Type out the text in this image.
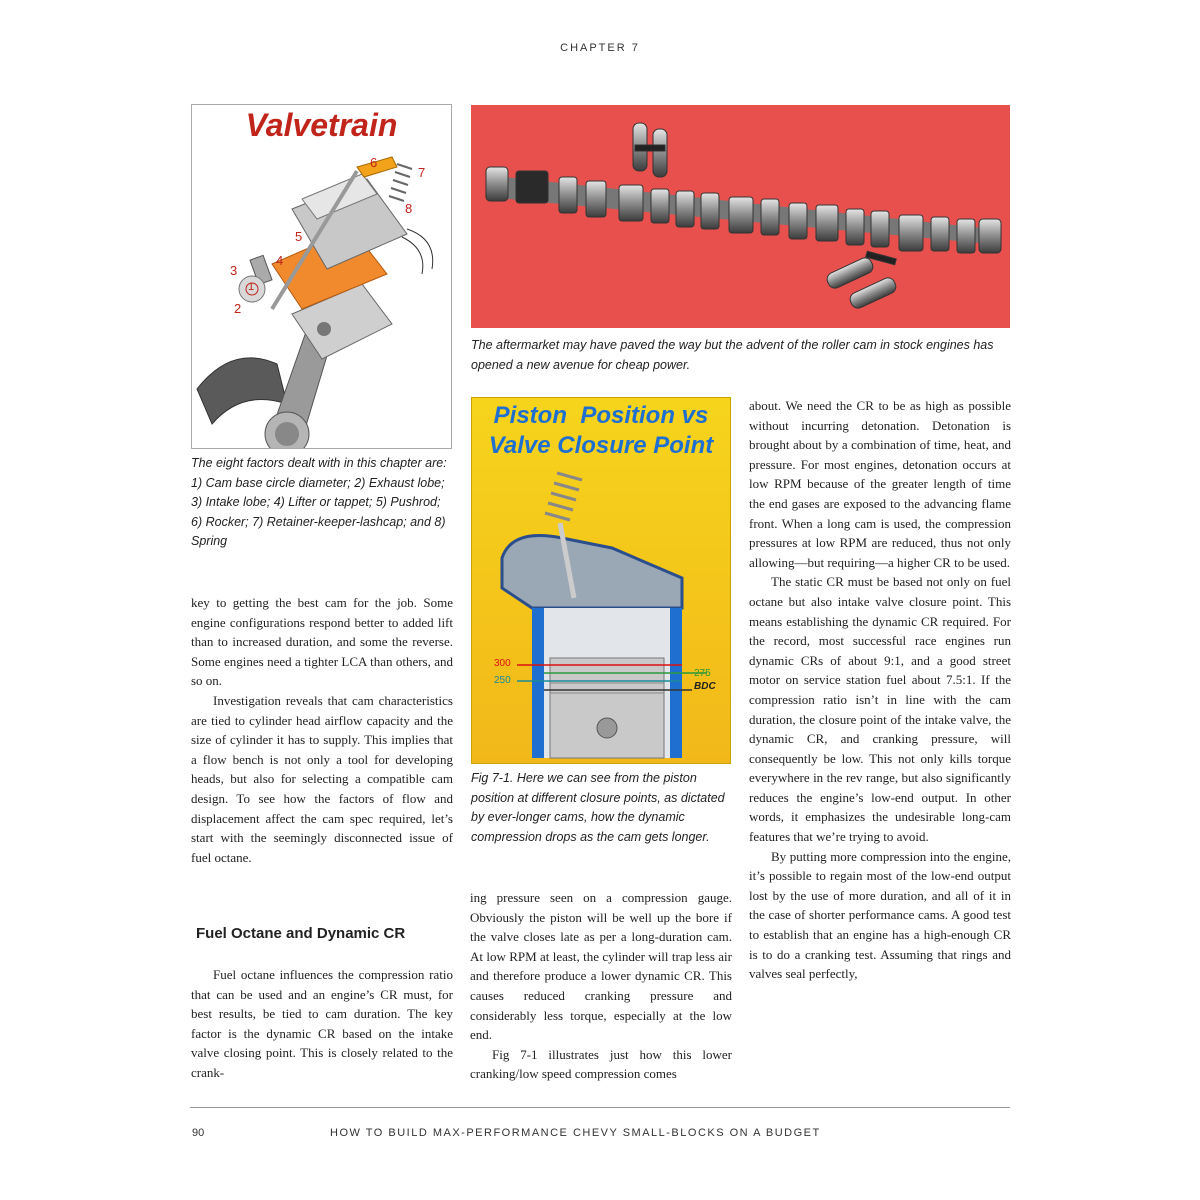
CHAPTER 7
Valvetrain
1
2
3
4
5
6
7
8
The eight factors dealt with in this chapter are: 1) Cam base circle diameter; 2) Exhaust lobe; 3) Intake lobe; 4) Lifter or tappet; 5) Pushrod; 6) Rocker; 7) Retainer-keeper-lashcap; and 8) Spring
The aftermarket may have paved the way but the advent of the roller cam in stock engines has opened a new avenue for cheap power.
Piston  Position vs
Valve Closure Point
300
250
275
BDC
Fig 7-1. Here we can see from the piston position at different closure points, as dictated by ever-longer cams, how the dynamic compression drops as the cam gets longer.

key to getting the best cam for the job. Some engine configurations respond better to added lift than to increased duration, and some the reverse. Some engines need a tighter LCA than others, and so on.

Investigation reveals that cam characteristics are tied to cylinder head airflow capacity and the size of cylinder it has to supply. This implies that a flow bench is not only a tool for developing heads, but also for selecting a compatible cam design. To see how the factors of flow and displacement affect the cam spec required, let’s start with the seemingly disconnected issue of fuel octane.

Fuel Octane and Dynamic CR

Fuel octane influences the compression ratio that can be used and an engine’s CR must, for best results, be tied to cam duration. The key factor is the dynamic CR based on the intake valve closing point. This is closely related to the crank-

ing pressure seen on a compression gauge. Obviously the piston will be well up the bore if the valve closes late as per a long-duration cam. At low RPM at least, the cylinder will trap less air and therefore produce a lower dynamic CR. This causes reduced cranking pressure and considerably less torque, especially at the low end.

Fig 7-1 illustrates just how this lower cranking/low speed compression comes

about. We need the CR to be as high as possible without incurring detonation. Detonation is brought about by a combination of time, heat, and pressure. For most engines, detonation occurs at low RPM because of the greater length of time the end gases are exposed to the advancing flame front. When a long cam is used, the compression pressures at low RPM are reduced, thus not only allowing—but requiring—a higher CR to be used.

The static CR must be based not only on fuel octane but also intake valve closure point. This means establishing the dynamic CR required. For the record, most successful race engines run dynamic CRs of about 9:1, and a good street motor on service station fuel about 7.5:1. If the compression ratio isn’t in line with the cam duration, the closure point of the intake valve, the dynamic CR, and cranking pressure, will consequently be low. This not only kills torque everywhere in the rev range, but also significantly reduces the engine’s low-end output. In other words, it emphasizes the undesirable long-cam features that we’re trying to avoid.

By putting more compression into the engine, it’s possible to regain most of the low-end output lost by the use of more duration, and all of it in the case of shorter performance cams. A good test to establish that an engine has a high-enough CR is to do a cranking test. Assuming that rings and valves seal perfectly,

90	HOW TO BUILD MAX-PERFORMANCE CHEVY SMALL-BLOCKS ON A BUDGET
